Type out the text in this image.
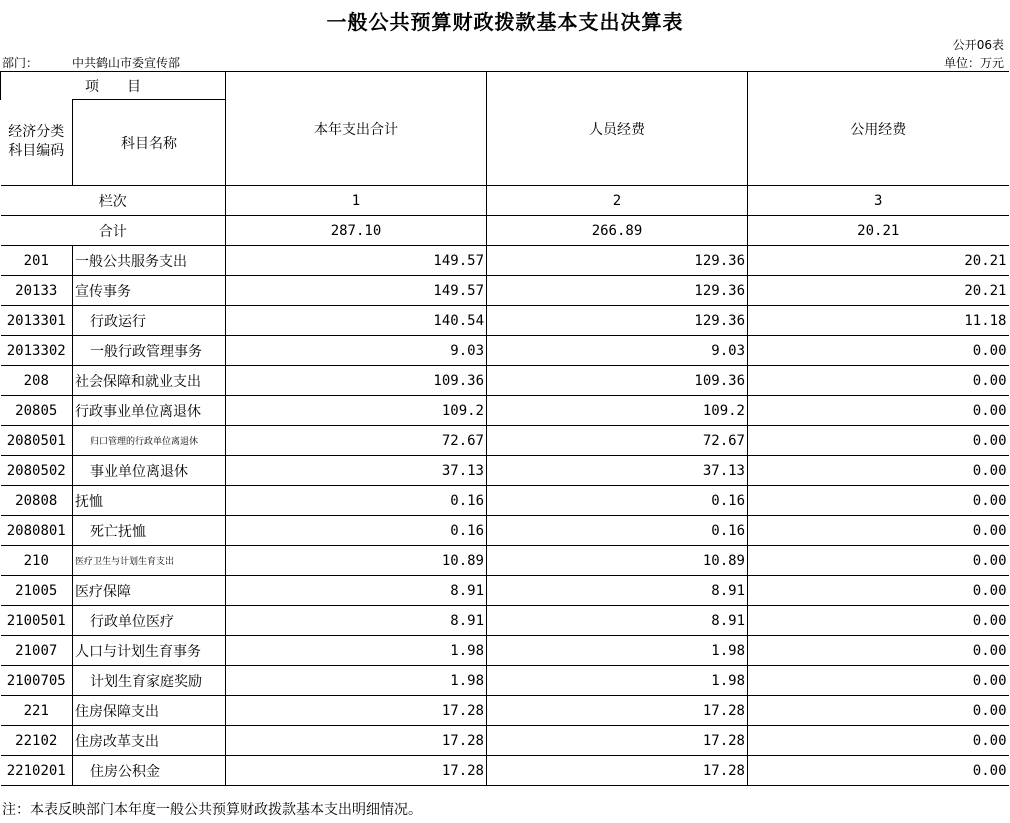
一般公共预算财政拨款基本支出决算表
公开06表
部门：	中共鹤山市委宣传部	单位：万元
项　　目		本年支出合计	人员经费	公用经费
经济分类
科目编码	科目名称			
栏次		1	2	3
合计		287.10	266.89	20.21
201	一般公共服务支出	149.57	129.36	20.21
20133	宣传事务	149.57	129.36	20.21
2013301	行政运行	140.54	129.36	11.18
2013302	一般行政管理事务	9.03	9.03	0.00
208	社会保障和就业支出	109.36	109.36	0.00
20805	行政事业单位离退休	109.2	109.2	0.00
2080501	归口管理的行政单位离退休	72.67	72.67	0.00
2080502	事业单位离退休	37.13	37.13	0.00
20808	抚恤	0.16	0.16	0.00
2080801	死亡抚恤	0.16	0.16	0.00
210	医疗卫生与计划生育支出	10.89	10.89	0.00
21005	医疗保障	8.91	8.91	0.00
2100501	行政单位医疗	8.91	8.91	0.00
21007	人口与计划生育事务	1.98	1.98	0.00
2100705	计划生育家庭奖励	1.98	1.98	0.00
221	住房保障支出	17.28	17.28	0.00
22102	住房改革支出	17.28	17.28	0.00
2210201	住房公积金	17.28	17.28	0.00
注：本表反映部门本年度一般公共预算财政拨款基本支出明细情况。
